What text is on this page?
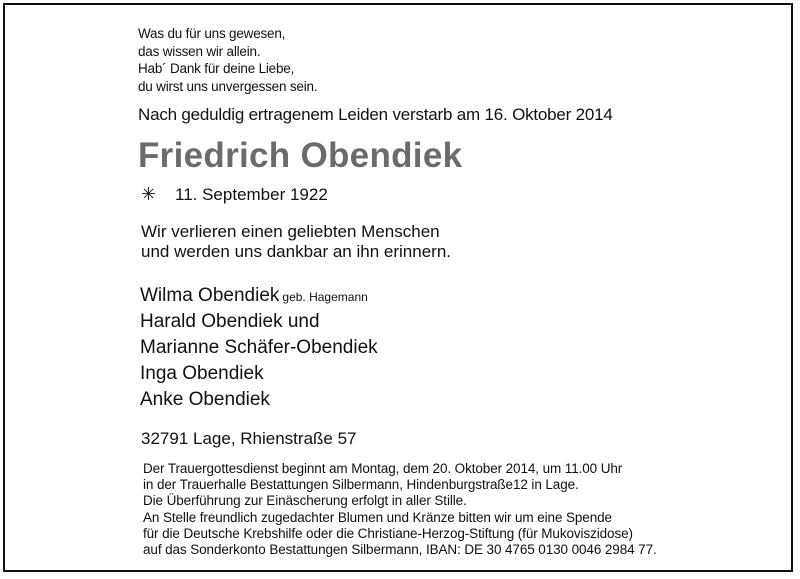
Was du für uns gewesen,
das wissen wir allein.
Hab´ Dank für deine Liebe,
du wirst uns unvergessen sein.
Nach geduldig ertragenem Leiden verstarb am 16. Oktober 2014
Friedrich Obendiek
✳ 11. September 1922
Wir verlieren einen geliebten Menschen
und werden uns dankbar an ihn erinnern.
Wilma Obendiek geb. Hagemann
Harald Obendiek und
Marianne Schäfer-Obendiek
Inga Obendiek
Anke Obendiek
32791 Lage, Rhienstraße 57
Der Trauergottesdienst beginnt am Montag, dem 20. Oktober 2014, um 11.00 Uhr
in der Trauerhalle Bestattungen Silbermann, Hindenburgstraße12 in Lage.
Die Überführung zur Einäscherung erfolgt in aller Stille.
An Stelle freundlich zugedachter Blumen und Kränze bitten wir um eine Spende
für die Deutsche Krebshilfe oder die Christiane-Herzog-Stiftung (für Mukoviszidose)
auf das Sonderkonto Bestattungen Silbermann, IBAN: DE 30 4765 0130 0046 2984 77.
